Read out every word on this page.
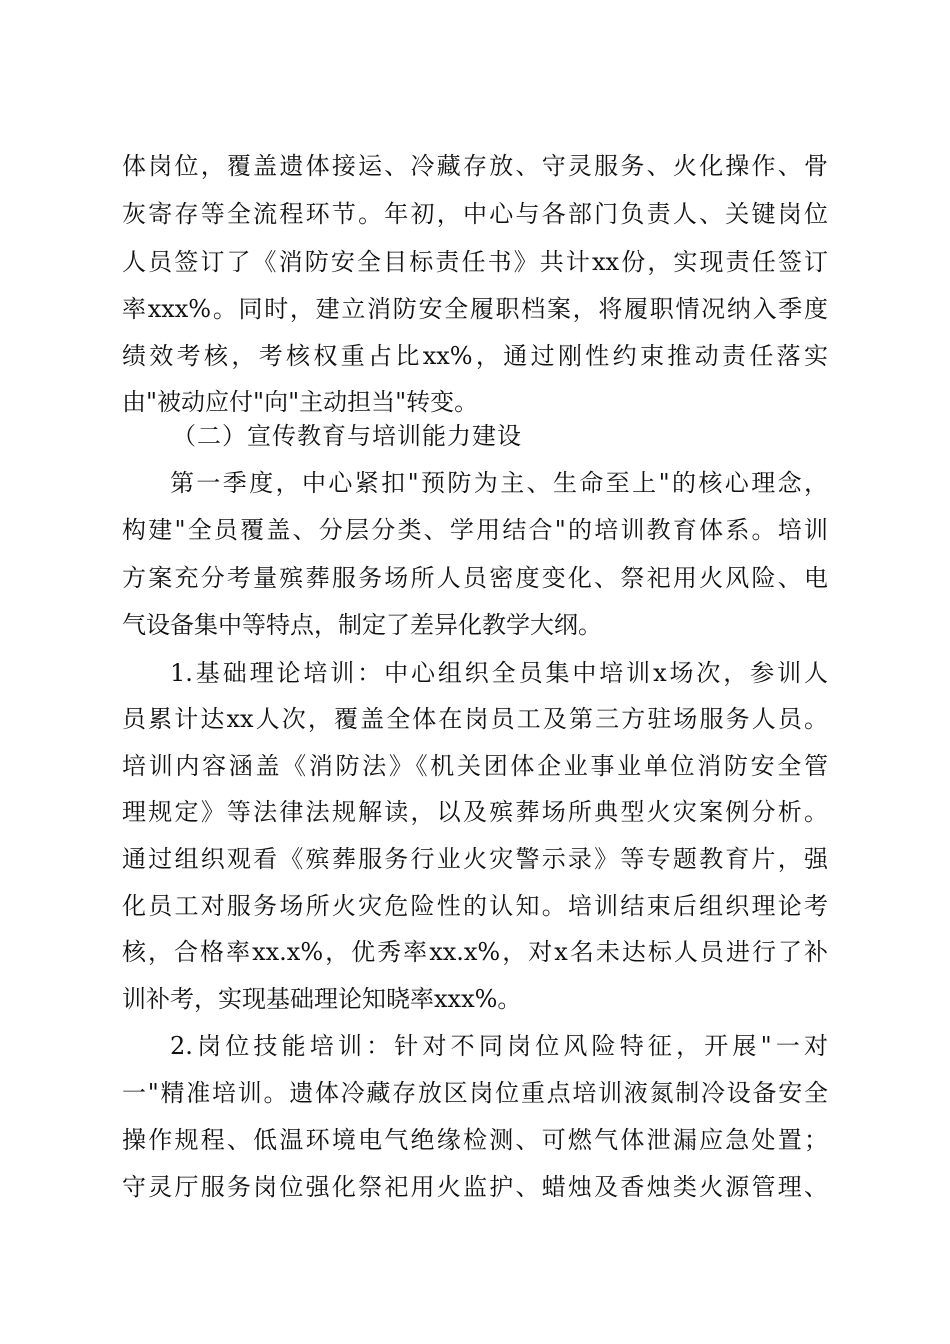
体岗位，覆盖遗体接运、冷藏存放、守灵服务、火化操作、骨
灰寄存等全流程环节。年初，中心与各部门负责人、关键岗位
人员签订了《消防安全目标责任书》共计xx份，实现责任签订
率xxx%。同时，建立消防安全履职档案，将履职情况纳入季度
绩效考核，考核权重占比xx%，通过刚性约束推动责任落实
由"被动应付"向"主动担当"转变。
（二）宣传教育与培训能力建设
第一季度，中心紧扣"预防为主、生命至上"的核心理念，
构建"全员覆盖、分层分类、学用结合"的培训教育体系。培训
方案充分考量殡葬服务场所人员密度变化、祭祀用火风险、电
气设备集中等特点，制定了差异化教学大纲。
1.基础理论培训：中心组织全员集中培训x场次，参训人
员累计达xx人次，覆盖全体在岗员工及第三方驻场服务人员。
培训内容涵盖《消防法》《机关团体企业事业单位消防安全管
理规定》等法律法规解读，以及殡葬场所典型火灾案例分析。
通过组织观看《殡葬服务行业火灾警示录》等专题教育片，强
化员工对服务场所火灾危险性的认知。培训结束后组织理论考
核，合格率xx.x%，优秀率xx.x%，对x名未达标人员进行了补
训补考，实现基础理论知晓率xxx%。
2.岗位技能培训：针对不同岗位风险特征，开展"一对
一"精准培训。遗体冷藏存放区岗位重点培训液氮制冷设备安全
操作规程、低温环境电气绝缘检测、可燃气体泄漏应急处置；
守灵厅服务岗位强化祭祀用火监护、蜡烛及香烛类火源管理、
